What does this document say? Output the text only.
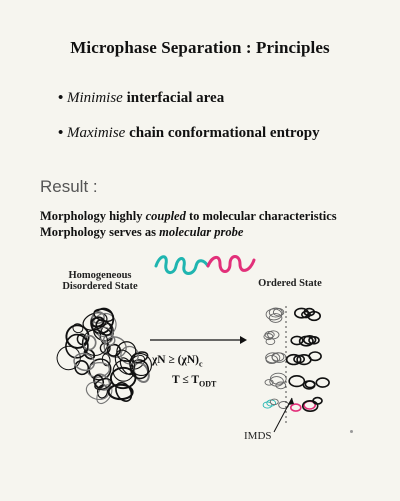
Microphase Separation : Principles
• Minimise interfacial area
• Maximise chain conformational entropy
Result :
Morphology highly coupled to molecular characteristics
Morphology serves as molecular probe
Homogeneous
Disordered State	Ordered State
$\chi N \ge (\chi N)_c$
$T \le T_{ODT}$
IMDS
